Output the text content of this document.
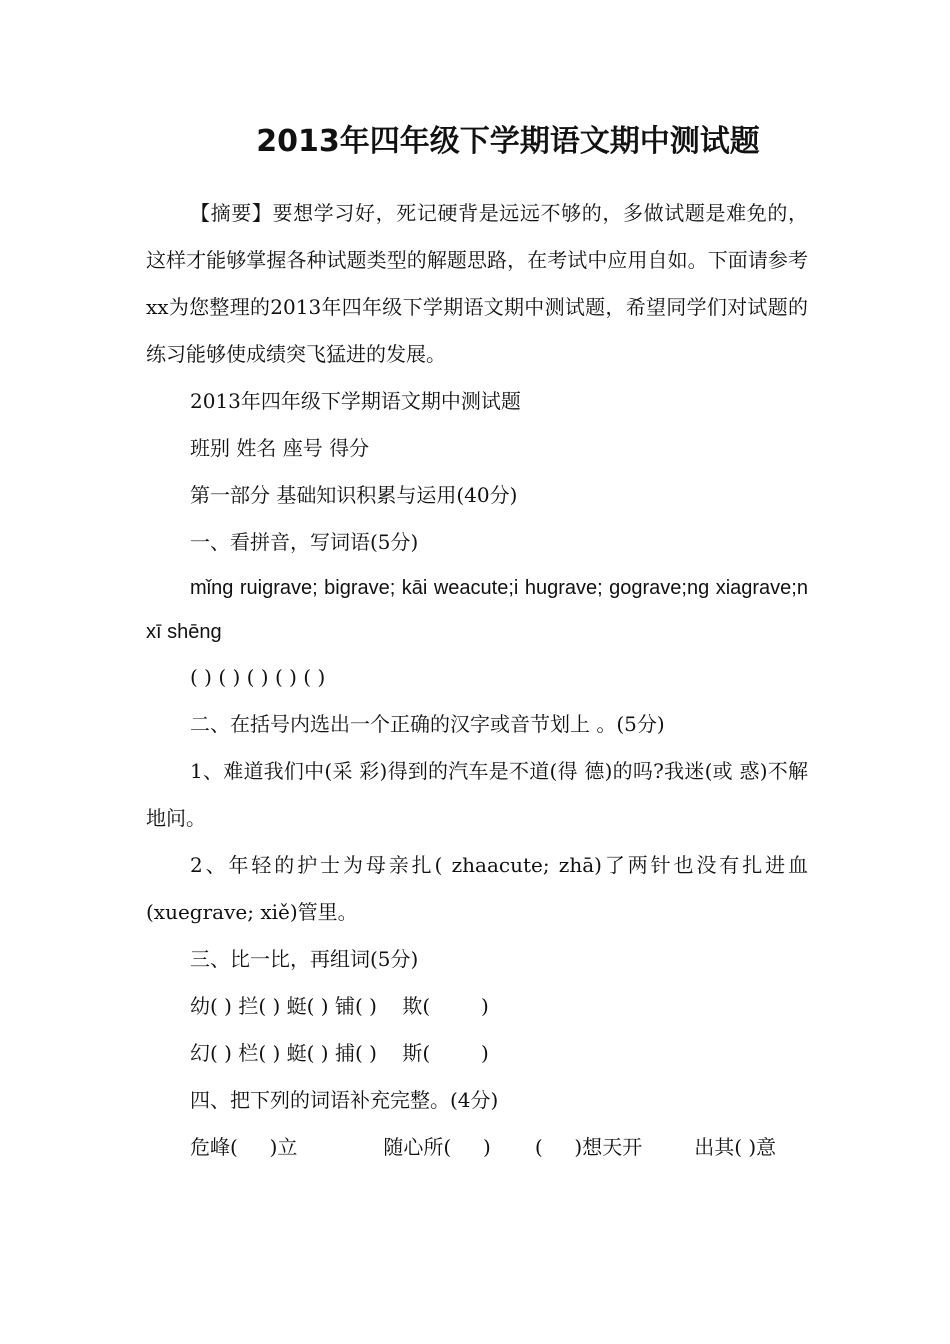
2013年四年级下学期语文期中测试题

【摘要】要想学习好，死记硬背是远远不够的，多做试题是难免的，这样才能够掌握各种试题类型的解题思路，在考试中应用自如。下面请参考xx为您整理的2013年四年级下学期语文期中测试题，希望同学们对试题的练习能够使成绩突飞猛进的发展。

2013年四年级下学期语文期中测试题

班别 姓名 座号 得分

第一部分 基础知识积累与运用(40分)

一、看拼音，写词语(5分)

mǐng ruigrave; bigrave; kāi weacute;i hugrave; gograve;ng xiagrave;n xī shēng

( ) ( ) ( ) ( ) ( )

二、在括号内选出一个正确的汉字或音节划上 。(5分)

1、难道我们中(采 彩)得到的汽车是不道(得 德)的吗?我迷(或 惑)不解地问。

2、年轻的护士为母亲扎( zhaacute; zhā)了两针也没有扎进血(xuegrave; xiě)管里。

三、比一比，再组词(5分)

幼( ) 拦( ) 蜓( ) 铺( )    欺(        )

幻( ) 栏( ) 蜓( ) 捕( )    斯(        )

四、把下列的词语补充完整。(4分)

危峰(     )立	随心所(     ) (     )想天开	出其( )意
